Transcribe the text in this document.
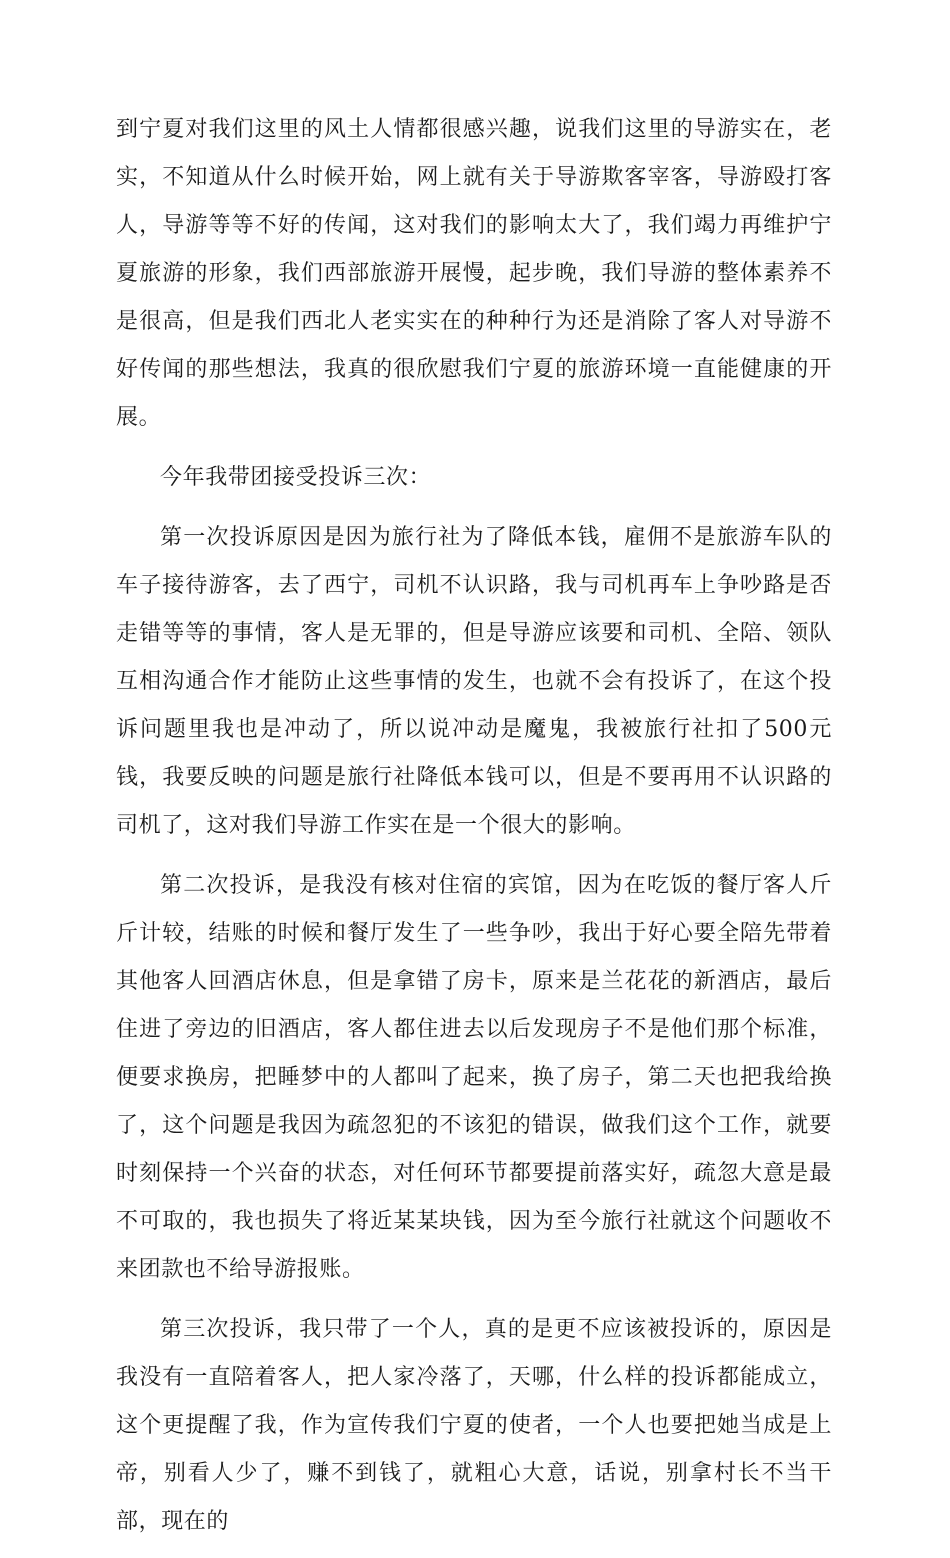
到宁夏对我们这里的风土人情都很感兴趣，说我们这里的导游实在，老实，不知道从什么时候开始，网上就有关于导游欺客宰客，导游殴打客人，导游等等不好的传闻，这对我们的影响太大了，我们竭力再维护宁夏旅游的形象，我们西部旅游开展慢，起步晚，我们导游的整体素养不是很高，但是我们西北人老实实在的种种行为还是消除了客人对导游不好传闻的那些想法，我真的很欣慰我们宁夏的旅游环境一直能健康的开展。

今年我带团接受投诉三次：

第一次投诉原因是因为旅行社为了降低本钱，雇佣不是旅游车队的车子接待游客，去了西宁，司机不认识路，我与司机再车上争吵路是否走错等等的事情，客人是无罪的，但是导游应该要和司机、全陪、领队互相沟通合作才能防止这些事情的发生，也就不会有投诉了，在这个投诉问题里我也是冲动了，所以说冲动是魔鬼，我被旅行社扣了500元钱，我要反映的问题是旅行社降低本钱可以，但是不要再用不认识路的司机了，这对我们导游工作实在是一个很大的影响。

第二次投诉，是我没有核对住宿的宾馆，因为在吃饭的餐厅客人斤斤计较，结账的时候和餐厅发生了一些争吵，我出于好心要全陪先带着其他客人回酒店休息，但是拿错了房卡，原来是兰花花的新酒店，最后住进了旁边的旧酒店，客人都住进去以后发现房子不是他们那个标准，便要求换房，把睡梦中的人都叫了起来，换了房子，第二天也把我给换了，这个问题是我因为疏忽犯的不该犯的错误，做我们这个工作，就要时刻保持一个兴奋的状态，对任何环节都要提前落实好，疏忽大意是最不可取的，我也损失了将近某某块钱，因为至今旅行社就这个问题收不来团款也不给导游报账。

第三次投诉，我只带了一个人，真的是更不应该被投诉的，原因是我没有一直陪着客人，把人家冷落了，天哪，什么样的投诉都能成立，这个更提醒了我，作为宣传我们宁夏的使者，一个人也要把她当成是上帝，别看人少了，赚不到钱了，就粗心大意，话说，别拿村长不当干部，现在的
